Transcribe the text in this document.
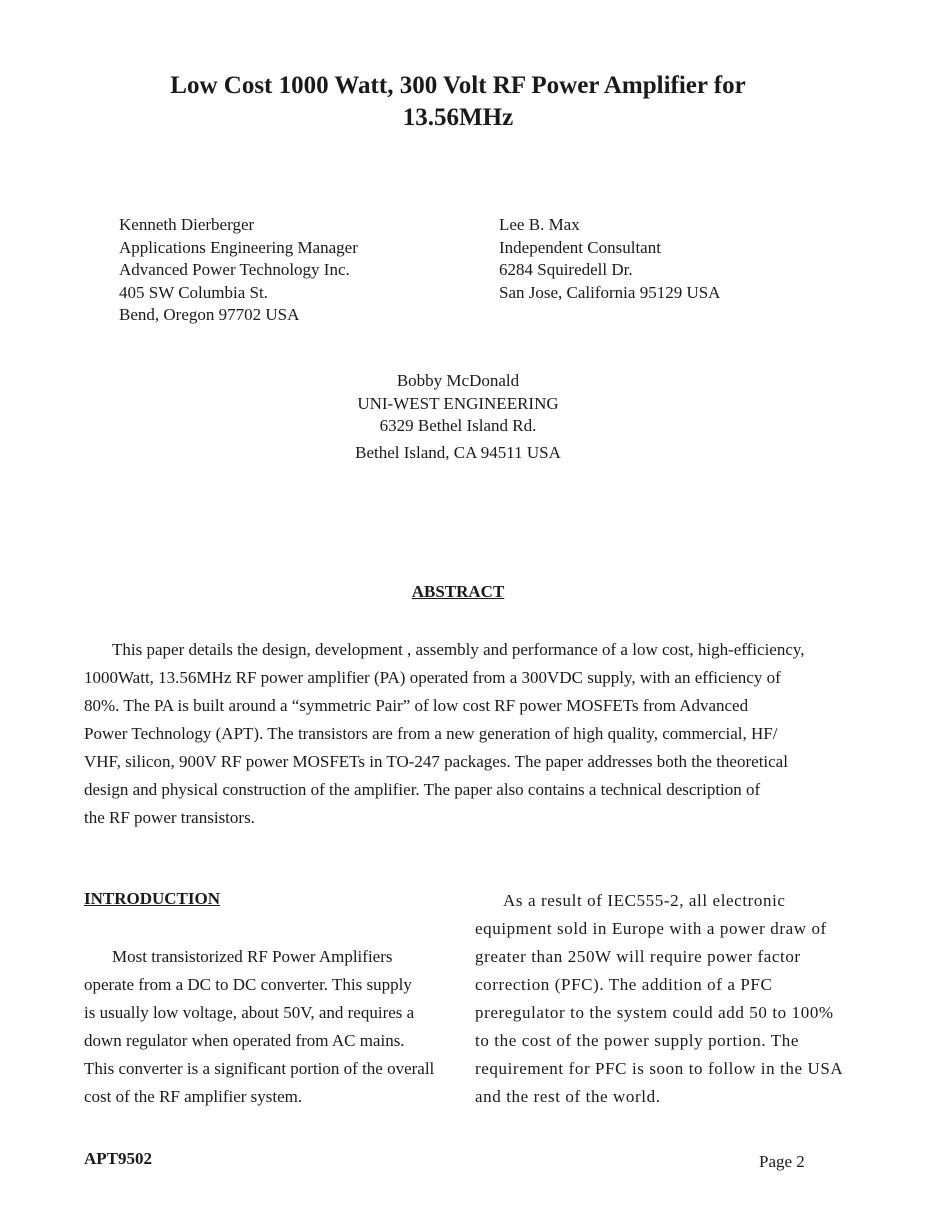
Low Cost 1000 Watt, 300 Volt RF Power Amplifier for
13.56MHz
Kenneth Dierberger
Applications Engineering Manager
Advanced Power Technology Inc.
405 SW Columbia St.
Bend, Oregon 97702 USA
Lee B. Max
Independent Consultant
6284 Squiredell Dr.
San Jose, California 95129 USA
Bobby McDonald
UNI-WEST ENGINEERING
6329 Bethel Island Rd.
Bethel Island, CA 94511 USA
ABSTRACT
This paper details the design, development , assembly and performance of a low cost, high-efficiency,
1000Watt, 13.56MHz RF power amplifier (PA) operated from a 300VDC supply, with an efficiency of
80%. The PA is built around a “symmetric Pair” of low cost RF power MOSFETs from Advanced
Power Technology (APT). The transistors are from a new generation of high quality, commercial, HF/
VHF, silicon, 900V RF power MOSFETs in TO-247 packages. The paper addresses both the theoretical
design and physical construction of the amplifier. The paper also contains a technical description of
the RF power transistors.
INTRODUCTION
Most transistorized RF Power Amplifiers
operate from a DC to DC converter. This supply
is usually low voltage, about 50V, and requires a
down regulator when operated from AC mains.
This converter is a significant portion of the overall
cost of the RF amplifier system.
As a result of IEC555-2, all electronic
equipment sold in Europe with a power draw of
greater than 250W will require power factor
correction (PFC). The addition of a PFC
preregulator to the system could add 50 to 100%
to the cost of the power supply portion. The
requirement for PFC is soon to follow in the USA
and the rest of the world.
APT9502	Page 2
